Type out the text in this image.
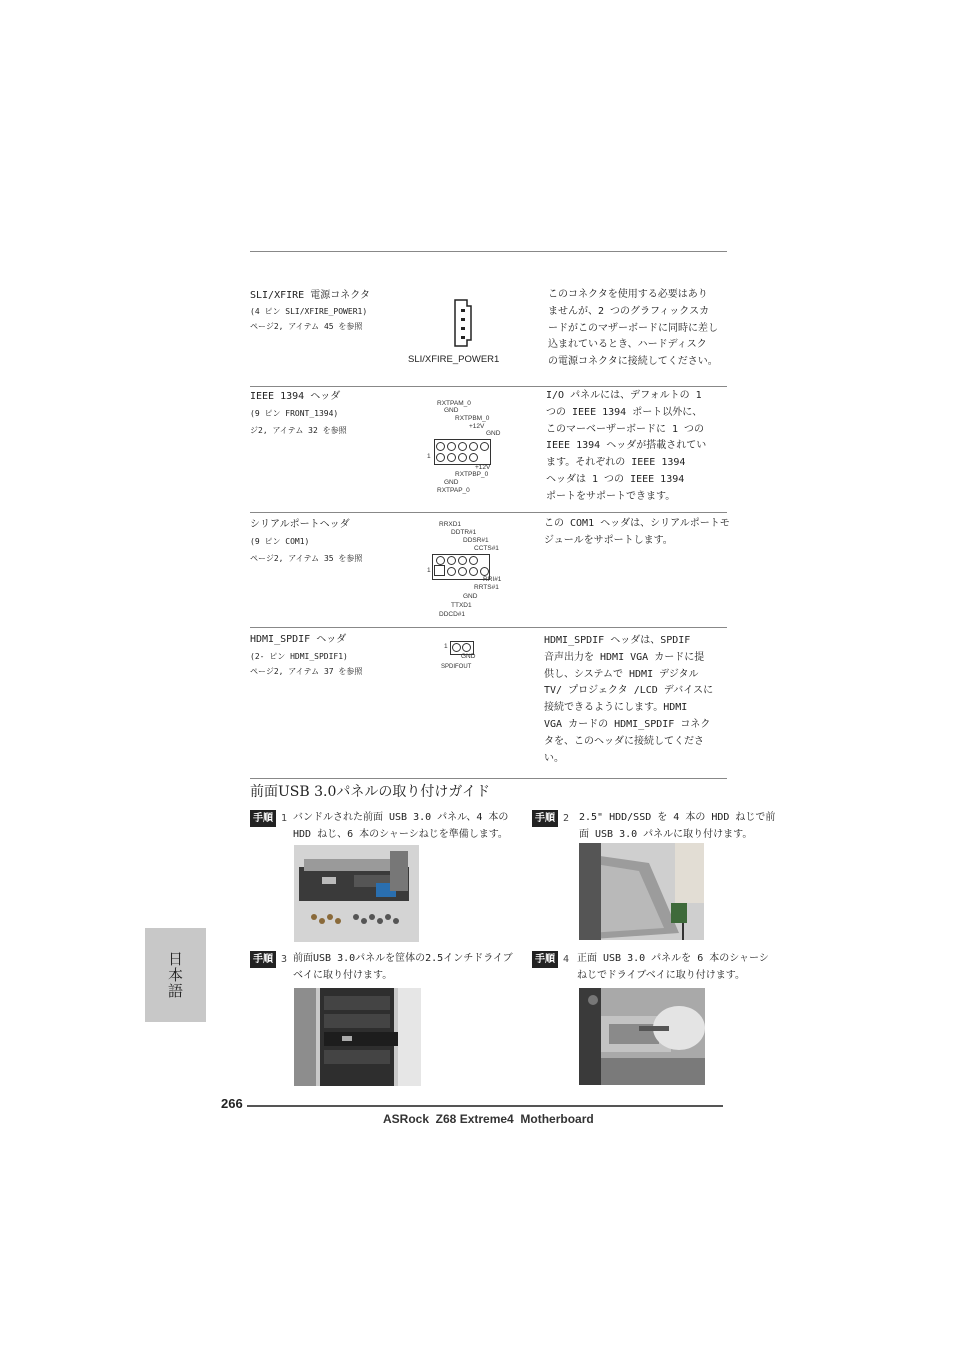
SLI/XFIRE 電源コネクタ
(4 ピン SLI/XFIRE_POWER1)
ページ2, アイテム 45 を参照
SLI/XFIRE_POWER1
このコネクタを使用する必要はあり
ませんが、2 つのグラフィックスカ
ードがこのマザーボードに同時に差し
込まれているとき、ハードディスク
の電源コネクタに接続してください。
IEEE 1394 ヘッダ
(9 ピン FRONT_1394)
ジ2, アイテム 32 を参照
RXTPAM_0
GND
RXTPBM_0
+12V
GND
1
+12V
RXTPBP_0
GND
RXTPAP_0
I/O パネルには、デフォルトの 1
つの IEEE 1394 ポート以外に、
このマーベーザーボードに 1 つの
IEEE 1394 ヘッダが搭載されてい
ます。それぞれの IEEE 1394
ヘッダは 1 つの IEEE 1394
ポートをサポートできます。
シリアルポートヘッダ
(9 ピン COM1)
ページ2, アイテム 35 を参照
RRXD1
DDTR#1
DDSR#1
CCTS#1
1
RRI#1
RRTS#1
GND
TTXD1
DDCD#1
この COM1 ヘッダは、シリアルポートモ
ジュールをサポートします。
HDMI_SPDIF ヘッダ
(2- ピン HDMI_SPDIF1)
ページ2, アイテム 37 を参照
1
GND
SPDIFOUT
HDMI_SPDIF ヘッダは、SPDIF
音声出力を HDMI VGA カードに提
供し、システムで HDMI デジタル
TV/ プロジェクタ /LCD デバイスに
接続できるようにします。HDMI
VGA カードの HDMI_SPDIF コネク
タを、このヘッダに接続してくださ
い。
前面USB 3.0パネルの取り付けガイド
手順 1 バンドルされた前面 USB 3.0 パネル、4 本の
HDD ねじ、6 本のシャーシねじを準備します。
手順 2 2.5" HDD/SSD を 4 本の HDD ねじで前
面 USB 3.0 パネルに取り付けます。
手順 3 前面USB 3.0パネルを筐体の2.5インチドライブ
ベイに取り付けます。
手順 4 正面 USB 3.0 パネルを 6 本のシャーシ
ねじでドライブベイに取り付けます。
日本語
266
ASRock  Z68 Extreme4  Motherboard
